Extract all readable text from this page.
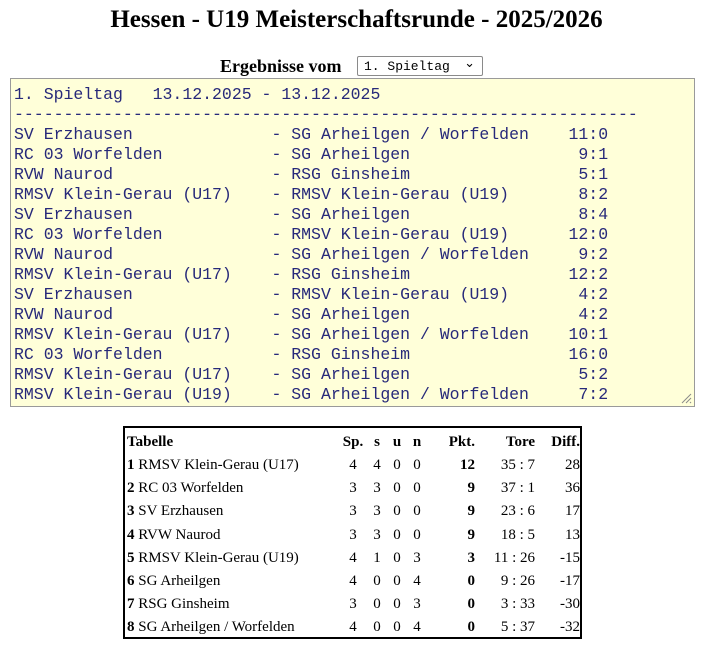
Hessen - U19 Meisterschaftsrunde - 2025/2026
Ergebnisse vom 1. Spieltag ⌄
1. Spieltag   13.12.2025 - 13.12.2025
---------------------------------------------------------------
SV Erzhausen              - SG Arheilgen / Worfelden    11:0
RC 03 Worfelden           - SG Arheilgen                 9:1
RVW Naurod                - RSG Ginsheim                 5:1
RMSV Klein-Gerau (U17)    - RMSV Klein-Gerau (U19)       8:2
SV Erzhausen              - SG Arheilgen                 8:4
RC 03 Worfelden           - RMSV Klein-Gerau (U19)      12:0
RVW Naurod                - SG Arheilgen / Worfelden     9:2
RMSV Klein-Gerau (U17)    - RSG Ginsheim                12:2
SV Erzhausen              - RMSV Klein-Gerau (U19)       4:2
RVW Naurod                - SG Arheilgen                 4:2
RMSV Klein-Gerau (U17)    - SG Arheilgen / Worfelden    10:1
RC 03 Worfelden           - RSG Ginsheim                16:0
RMSV Klein-Gerau (U17)    - SG Arheilgen                 5:2
RMSV Klein-Gerau (U19)    - SG Arheilgen / Worfelden     7:2
Tabelle	Sp.	s	u	n	Pkt.	Tore	Diff.
1 RMSV Klein-Gerau (U17)	4	4	0	0	12	35 : 7	28
2 RC 03 Worfelden	3	3	0	0	9	37 : 1	36
3 SV Erzhausen	3	3	0	0	9	23 : 6	17
4 RVW Naurod	3	3	0	0	9	18 : 5	13
5 RMSV Klein-Gerau (U19)	4	1	0	3	3	11 : 26	-15
6 SG Arheilgen	4	0	0	4	0	9 : 26	-17
7 RSG Ginsheim	3	0	0	3	0	3 : 33	-30
8 SG Arheilgen / Worfelden	4	0	0	4	0	5 : 37	-32
